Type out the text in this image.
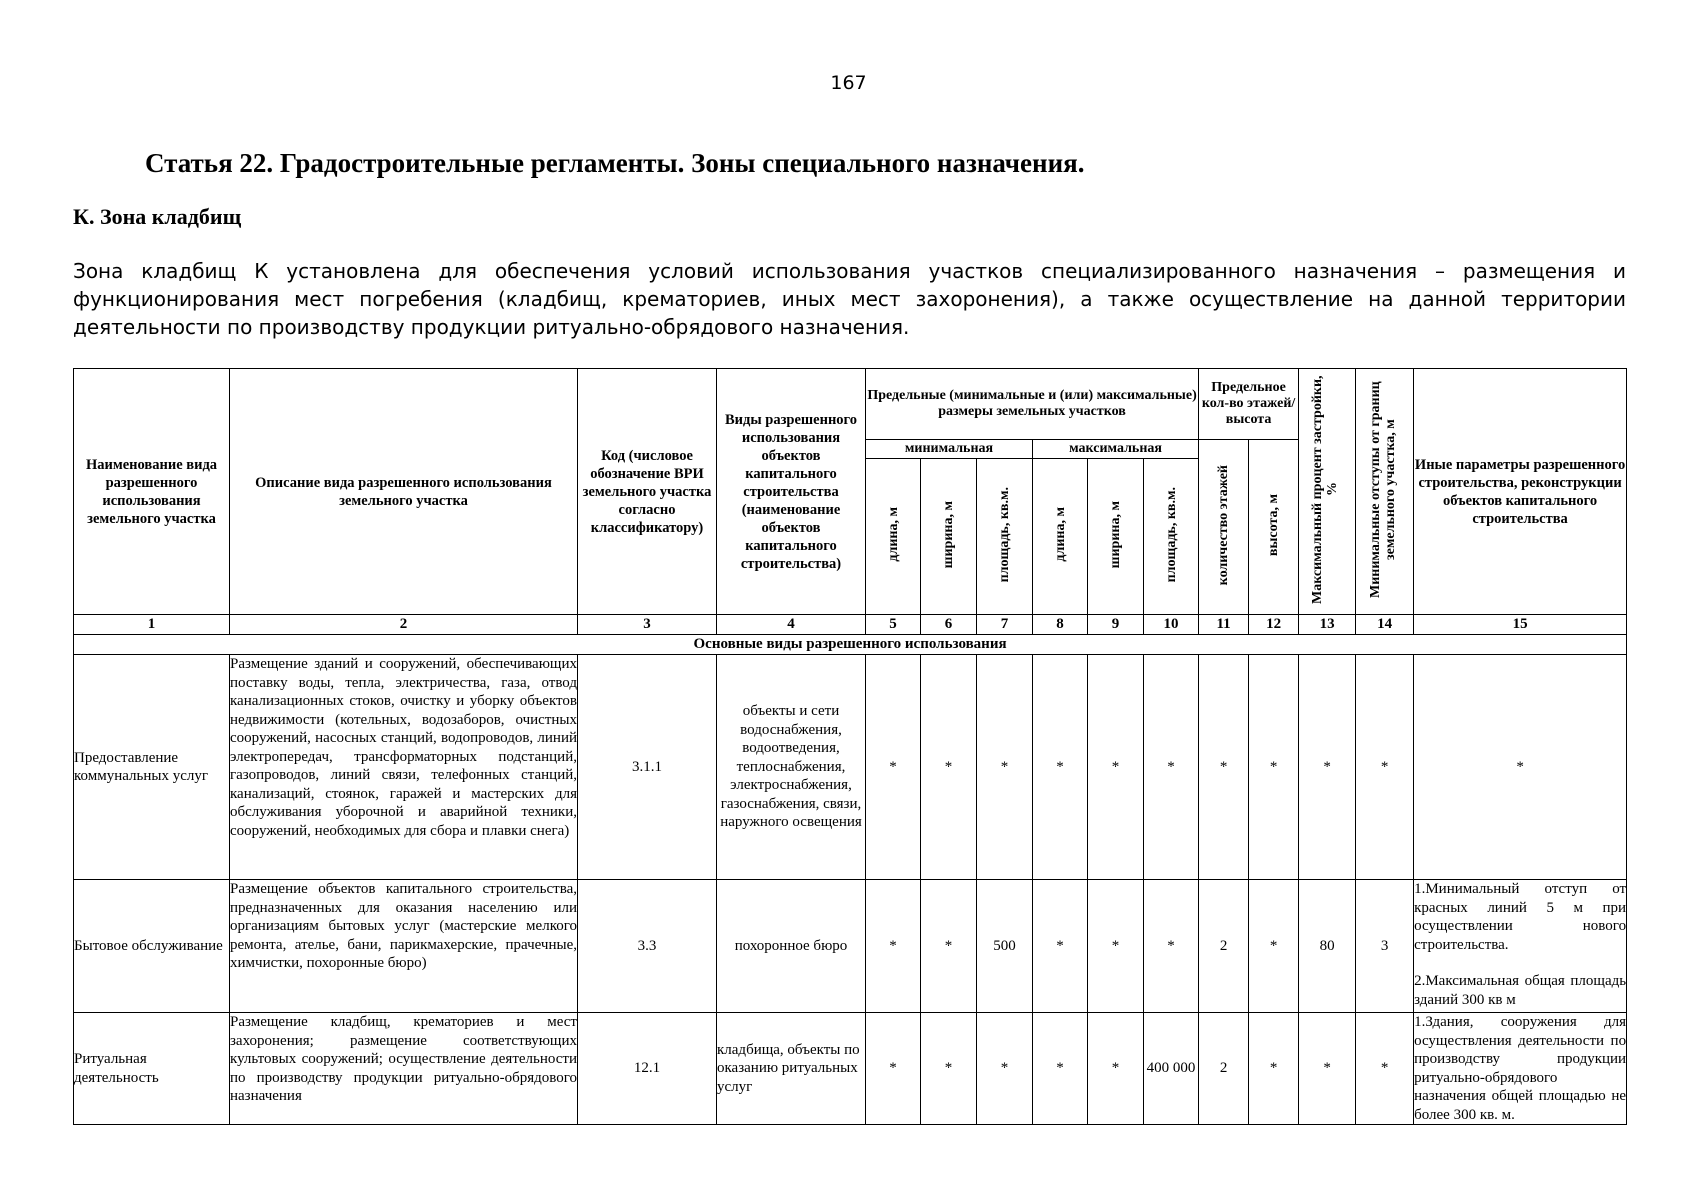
167
Статья 22. Градостроительные регламенты. Зоны специального назначения.
К. Зона кладбищ

Зона кладбищ К установлена для обеспечения условий использования участков специализированного назначения – размещения и функционирования мест погребения (кладбищ, крематориев, иных мест захоронения), а также осуществление на данной территории деятельности по производству продукции ритуально-обрядового назначения.

Наименование вида разрешенного использования земельного участка	Описание вида разрешенного использования земельного участка	Код (числовое обозначение ВРИ земельного участка согласно классификатору)	Виды разрешенного использования объектов капитального строительства (наименование объектов капитального строительства)	Предельные (минимальные и (или) максимальные) размеры земельных участков						Предельное кол-во этажей/ высота		Максимальный процент застройки, %	Минимальные отступы от границ земельного участка, м	Иные параметры разрешенного строительства, реконструкции объектов капитального строительства
				минимальная			максимальная			количество этажей	высота, м			
				длина, м	ширина, м	площадь, кв.м.	длина, м	ширина, м	площадь, кв.м.					
1	2	3	4	5	6	7	8	9	10	11	12	13	14	15
Основные виды разрешенного использования														
Предоставление коммунальных услуг	Размещение зданий и сооружений, обеспечивающих поставку воды, тепла, электричества, газа, отвод канализационных стоков, очистку и уборку объектов недвижимости (котельных, водозаборов, очистных сооружений, насосных станций, водопроводов, линий электропередач, трансформаторных подстанций, газопроводов, линий связи, телефонных станций, канализаций, стоянок, гаражей и мастерских для обслуживания уборочной и аварийной техники, сооружений, необходимых для сбора и плавки снега)	3.1.1	объекты и сети водоснабжения, водоотведения, теплоснабжения, электроснабжения, газоснабжения, связи, наружного освещения	*	*	*	*	*	*	*	*	*	*	*
Бытовое обслуживание	Размещение объектов капитального строительства, предназначенных для оказания населению или организациям бытовых услуг (мастерские мелкого ремонта, ателье, бани, парикмахерские, прачечные, химчистки, похоронные бюро)	3.3	похоронное бюро	*	*	500	*	*	*	2	*	80	3	1.Минимальный отступ от красных линий 5 м при осуществлении нового строительства.
2.Максимальная общая площадь зданий 300 кв м

Ритуальная деятельность	Размещение кладбищ, крематориев и мест захоронения; размещение соответствующих культовых сооружений; осуществление деятельности по производству продукции ритуально-обрядового назначения	12.1	кладбища, объекты по оказанию ритуальных услуг	*	*	*	*	*	400 000	2	*	*	*	1.Здания, сооружения для осуществления деятельности по производству продукции ритуально-обрядового назначения общей площадью не более 300 кв. м.
